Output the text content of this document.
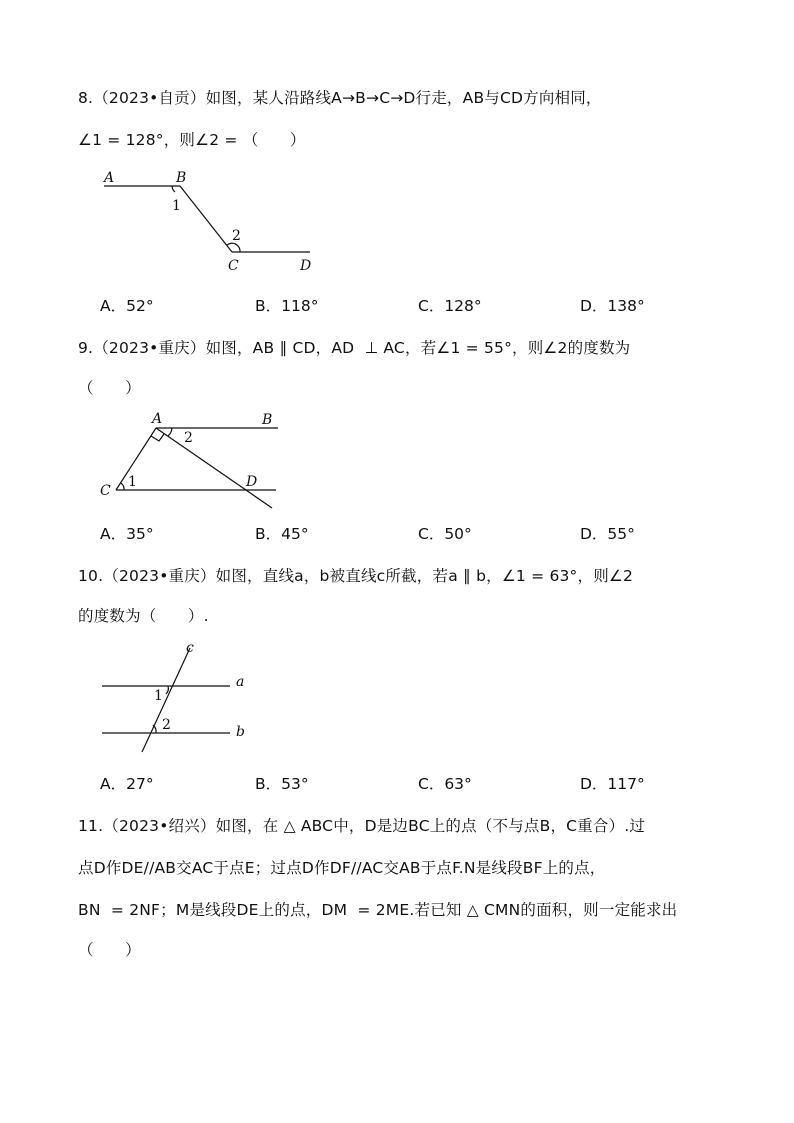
8.（2023•自贡）如图，某人沿路线A→B→C→D行走，AB与CD方向相同，
∠1 = 128°，则∠2 = （　　）
A	B
1
2
C	D
A．52°	B．118°	C．128°	D．138°
9.（2023•重庆）如图，AB ∥ CD，AD  ⊥ AC，若∠1 = 55°，则∠2的度数为
（　　）
A	B
2
1
C
D
A．35°	B．45°	C．50°	D．55°
10.（2023•重庆）如图，直线a，b被直线c所截，若a ∥ b，∠1 = 63°，则∠2
的度数为（　　）.
c
a
b
1
2
A．27°	B．53°	C．63°	D．117°
11.（2023•绍兴）如图，在 △ ABC中，D是边BC上的点（不与点B，C重合）.过
点D作DE//AB交AC于点E；过点D作DF//AC交AB于点F.N是线段BF上的点，
BN  = 2NF；M是线段DE上的点，DM  = 2ME.若已知 △ CMN的面积，则一定能求出
（　　）
